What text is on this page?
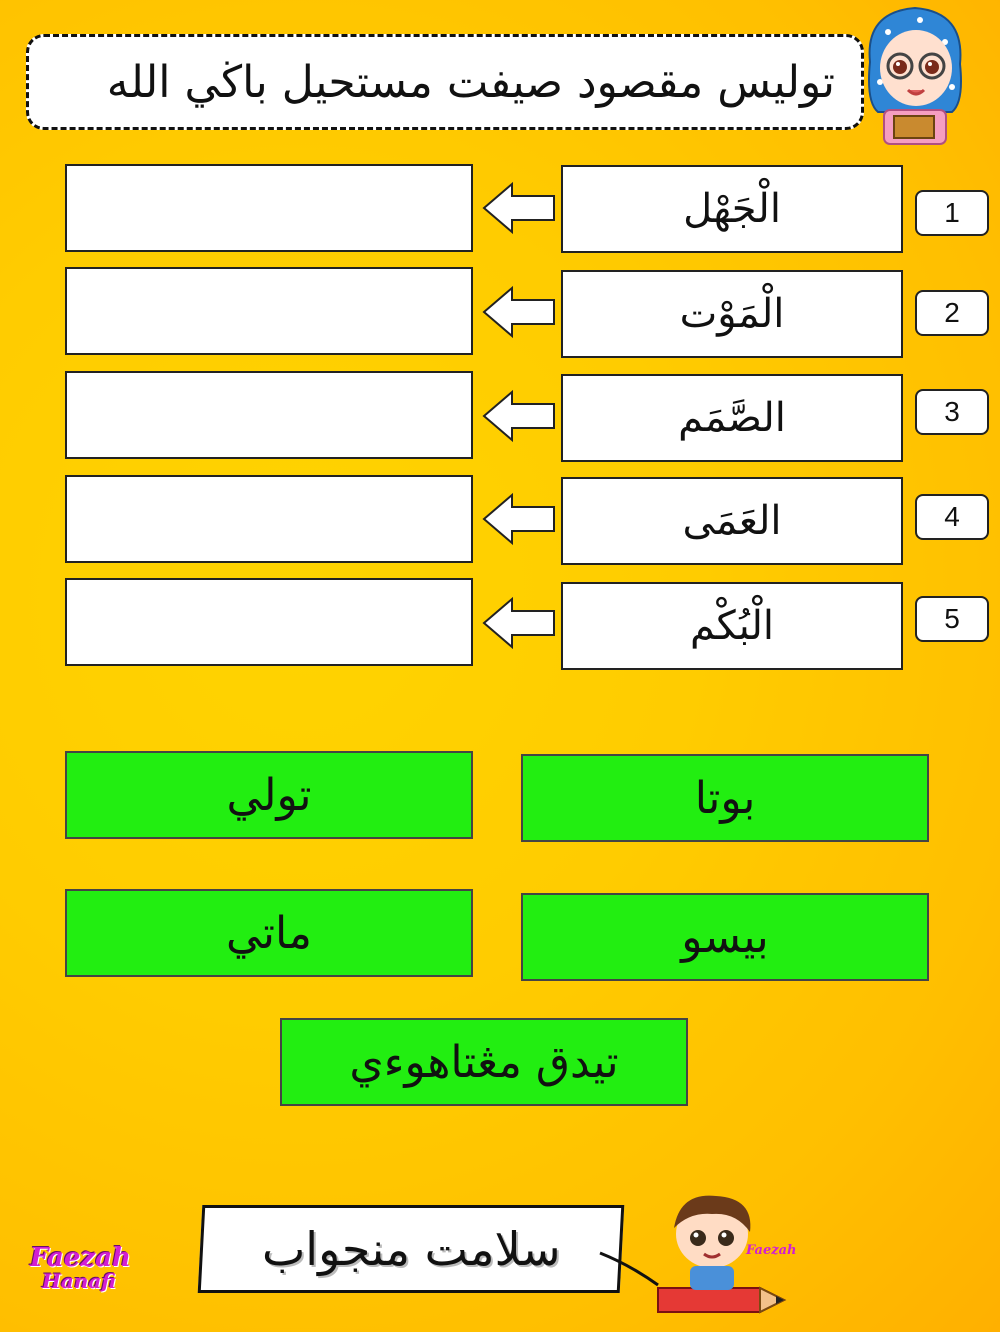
توليس مقصود صيفت مستحيل باڬي الله
الْجَهْل	1
الْمَوْت	2
الصَّمَم	3
العَمَى	4
الْبُكْم	5
تولي	بوتا
ماتي	بيسو
تيدق مڠتاهوءي
سلامت منجواب	Faezah
Faezah
Hanafi
